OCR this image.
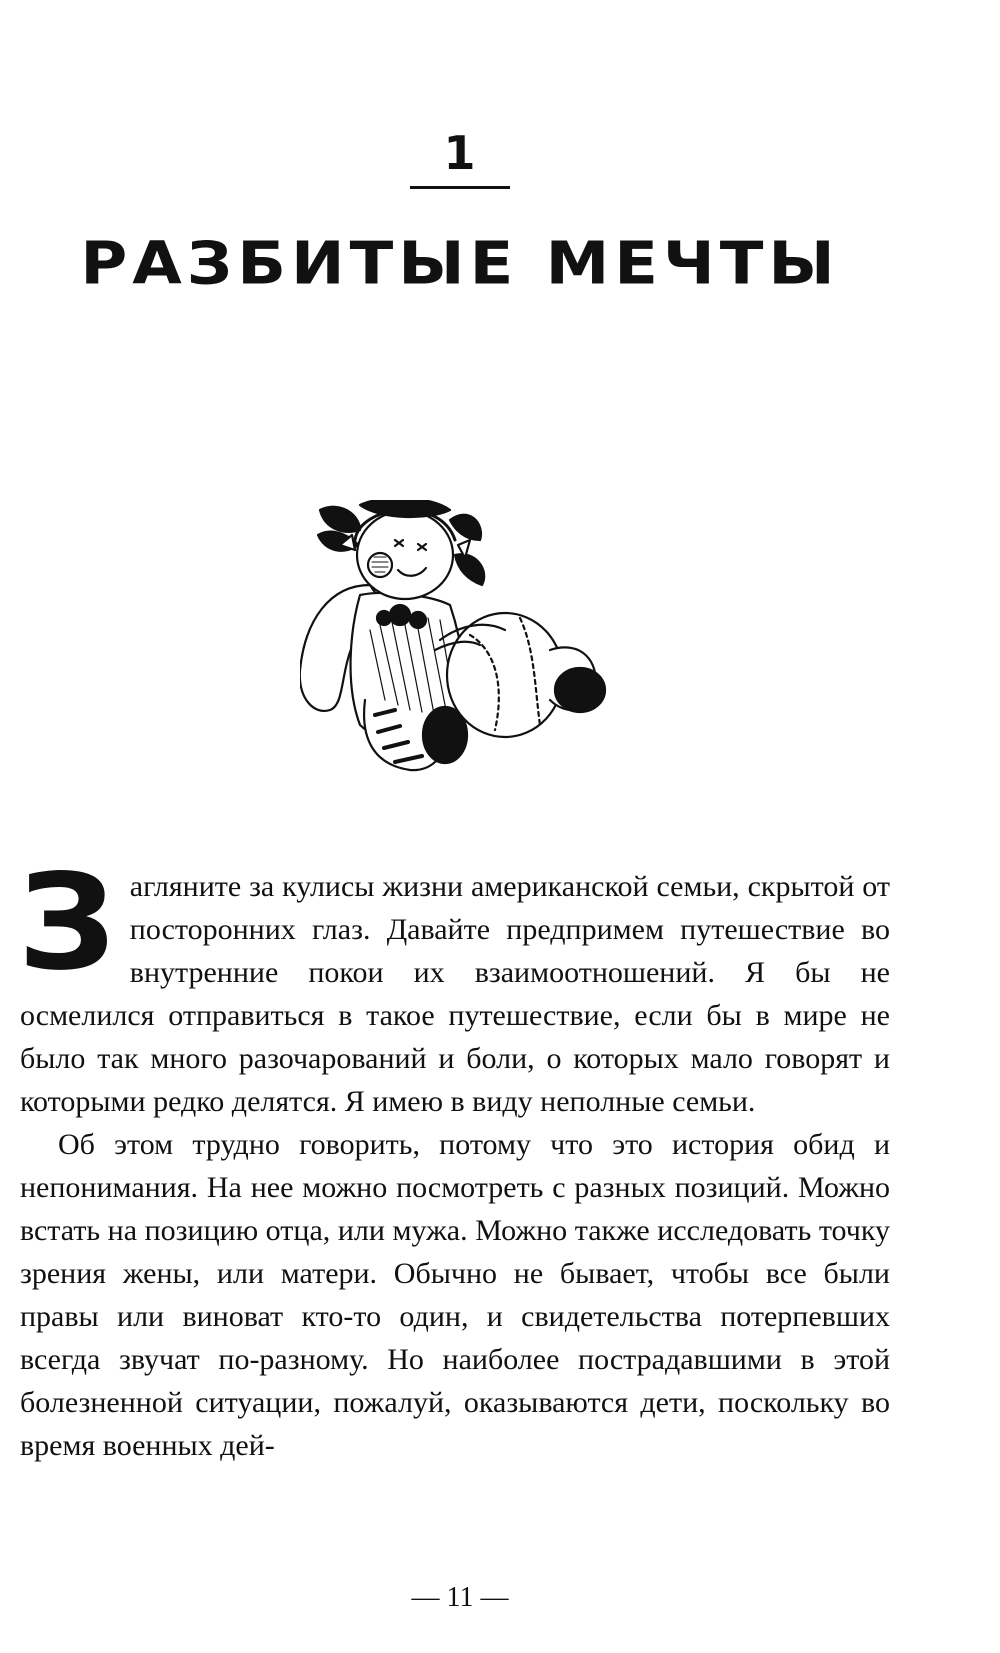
1
РАЗБИТЫЕ МЕЧТЫ

Загляните за кулисы жизни американской семьи, скрытой от посторонних глаз. Давайте предпримем путешествие во внутренние покои их взаимоотношений. Я бы не осмелился отправиться в такое путешествие, если бы в мире не было так много разочарований и боли, о которых мало говорят и которыми редко делятся. Я имею в виду неполные семьи.

Об этом трудно говорить, потому что это история обид и непонимания. На нее можно посмотреть с разных позиций. Можно встать на позицию отца, или мужа. Можно также исследовать точку зрения жены, или матери. Обычно не бывает, чтобы все были правы или виноват кто-то один, и свидетельства потерпевших всегда звучат по-разному. Но наиболее пострадавшими в этой болезненной ситуации, пожалуй, оказываются дети, поскольку во время военных дей-

— 11 —
